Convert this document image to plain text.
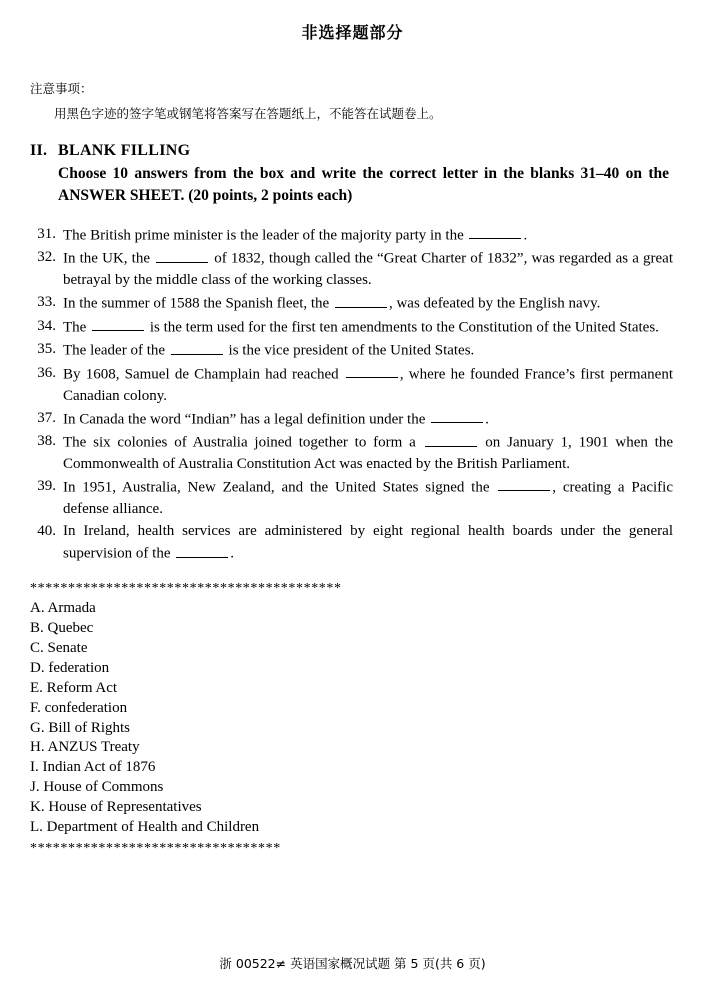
非选择题部分
注意事项：
用黑色字迹的签字笔或钢笔将答案写在答题纸上，不能答在试题卷上。
II. BLANK FILLING
Choose 10 answers from the box and write the correct letter in the blanks 31–40 on the ANSWER SHEET. (20 points, 2 points each)
31. The British prime minister is the leader of the majority party in the	.
32. In the UK, the	of 1832, though called the “Great Charter of 1832”, was regarded as a great betrayal by the middle class of the working classes.
33. In the summer of 1588 the Spanish fleet, the	, was defeated by the English navy.
34. The	is the term used for the first ten amendments to the Constitution of the United States.
35. The leader of the	is the vice president of the United States.
36. By 1608, Samuel de Champlain had reached	, where he founded France’s first permanent Canadian colony.
37. In Canada the word “Indian” has a legal definition under the	.
38. The six colonies of Australia joined together to form a	on January 1, 1901 when the Commonwealth of Australia Constitution Act was enacted by the British Parliament.
39. In 1951, Australia, New Zealand, and the United States signed the	, creating a Pacific defense alliance.
40. In Ireland, health services are administered by eight regional health boards under the general supervision of the	.
*****************************************
A. Armada
B. Quebec
C. Senate
D. federation
E. Reform Act
F. confederation
G. Bill of Rights
H. ANZUS Treaty
I. Indian Act of 1876
J. House of Commons
K. House of Representatives
L. Department of Health and Children
*********************************
浙 00522≠ 英语国家概况试题 第 5 页(共 6 页)
